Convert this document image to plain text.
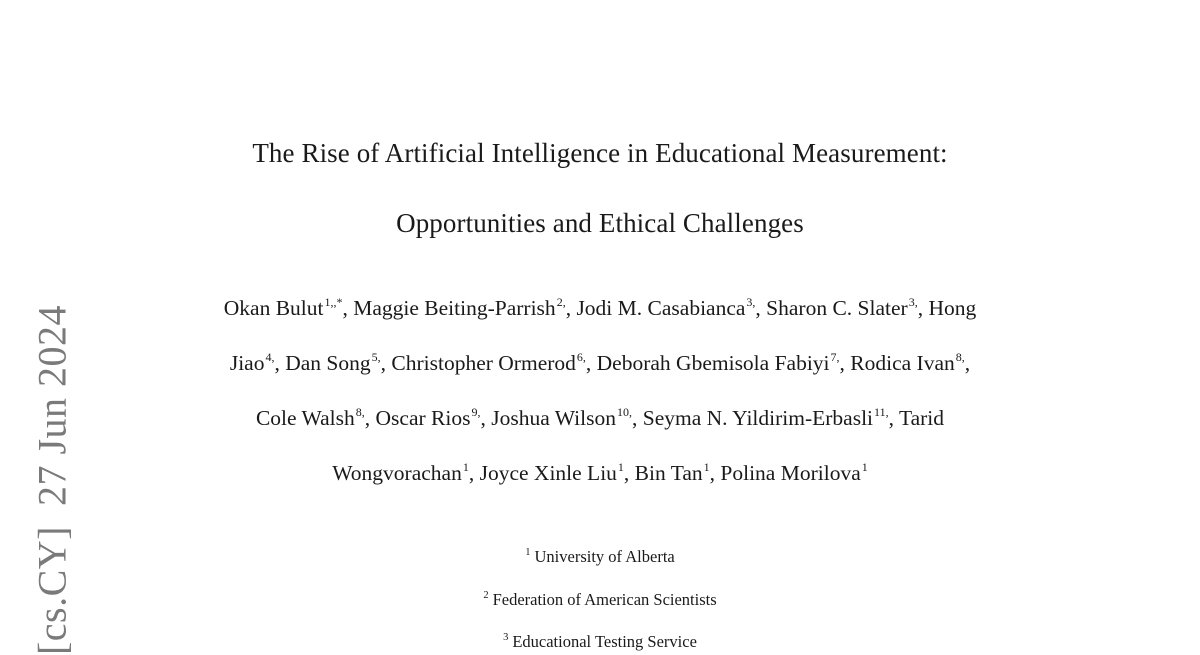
The Rise of Artificial Intelligence in Educational Measurement:
Opportunities and Ethical Challenges
Okan Bulut$^{1,,*}$, Maggie Beiting-Parrish$^{2,}$, Jodi M. Casabianca$^{3,}$, Sharon C. Slater$^{3,}$, Hong
Jiao$^{4,}$, Dan Song$^{5,}$, Christopher Ormerod$^{6,}$, Deborah Gbemisola Fabiyi$^{7,}$, Rodica Ivan$^{8,}$,
Cole Walsh$^{8,}$, Oscar Rios$^{9,}$, Joshua Wilson$^{10,}$, Seyma N. Yildirim-Erbasli$^{11,}$, Tarid
Wongvorachan$^1$, Joyce Xinle Liu$^1$, Bin Tan$^1$, Polina Morilova$^1$
$^1$ University of Alberta
$^2$ Federation of American Scientists
$^3$ Educational Testing Service
[cs.CY]27 Jun 2024
